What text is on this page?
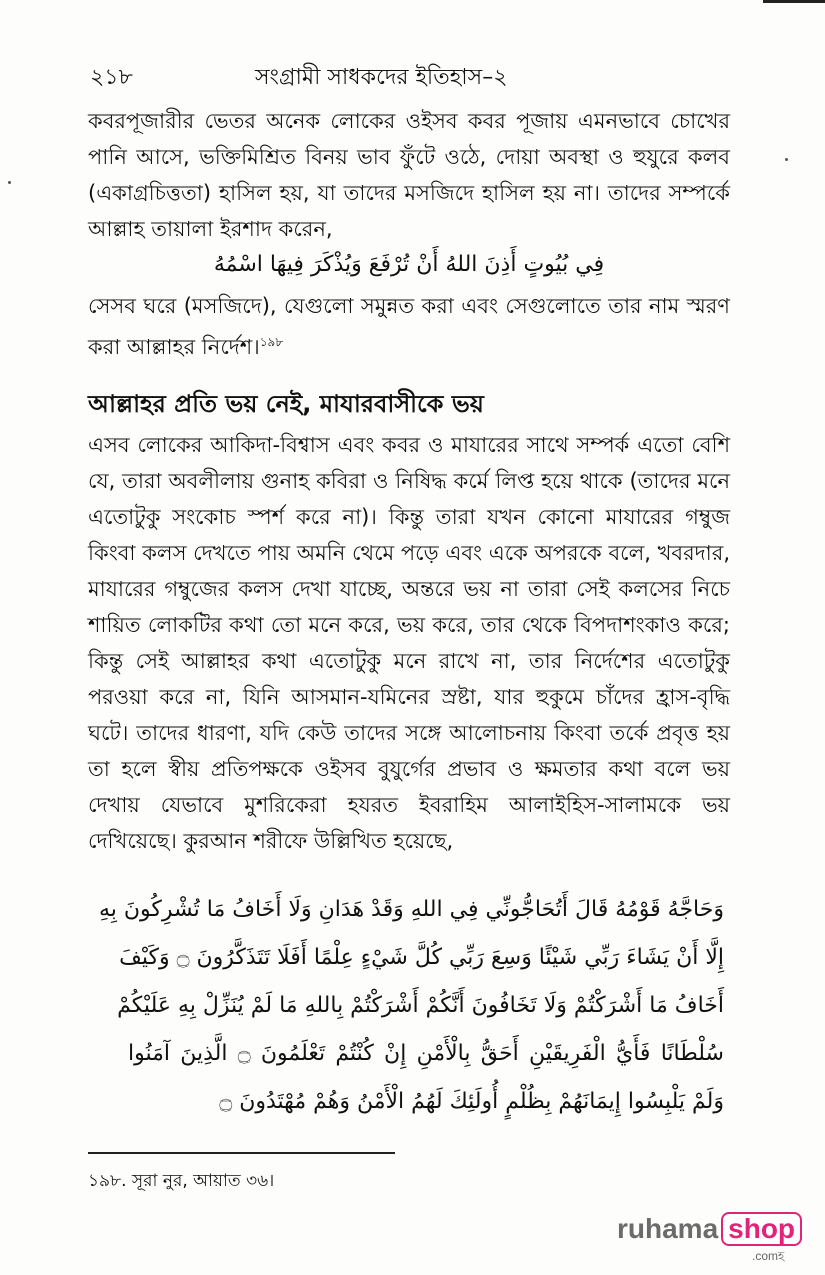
২১৮	সংগ্রামী সাধকদের ইতিহাস–২
কবরপূজারীর ভেতর অনেক লোকের ওইসব কবর পূজায় এমনভাবে চোখের পানি আসে, ভক্তিমিশ্রিত বিনয় ভাব ফুঁটে ওঠে, দোয়া অবস্থা ও হুযুরে কলব (একাগ্রচিত্ততা) হাসিল হয়, যা তাদের মসজিদে হাসিল হয় না। তাদের সম্পর্কে আল্লাহ তায়ালা ইরশাদ করেন,
فِي بُيُوتٍ أَذِنَ اللهُ أَنْ تُرْفَعَ وَيُذْكَرَ فِيهَا اسْمُهُ
সেসব ঘরে (মসজিদে), যেগুলো সমুন্নত করা এবং সেগুলোতে তার নাম স্মরণ করা আল্লাহর নির্দেশ।$^{১৯৮}$
আল্লাহর প্রতি ভয় নেই, মাযারবাসীকে ভয়
এসব লোকের আকিদা-বিশ্বাস এবং কবর ও মাযারের সাথে সম্পর্ক এতো বেশি যে, তারা অবলীলায় গুনাহ কবিরা ও নিষিদ্ধ কর্মে লিপ্ত হয়ে থাকে (তাদের মনে এতোটুকু সংকোচ স্পর্শ করে না)। কিন্তু তারা যখন কোনো মাযারের গম্বুজ কিংবা কলস দেখতে পায় অমনি থেমে পড়ে এবং একে অপরকে বলে, খবরদার, মাযারের গম্বুজের কলস দেখা যাচ্ছে, অন্তরে ভয় না তারা সেই কলসের নিচে শায়িত লোকটির কথা তো মনে করে, ভয় করে, তার থেকে বিপদাশংকাও করে; কিন্তু সেই আল্লাহর কথা এতোটুকু মনে রাখে না, তার নির্দেশের এতোটুকু পরওয়া করে না, যিনি আসমান-যমিনের স্রষ্টা, যার হুকুমে চাঁদের হ্রাস-বৃদ্ধি ঘটে। তাদের ধারণা, যদি কেউ তাদের সঙ্গে আলোচনায় কিংবা তর্কে প্রবৃত্ত হয় তা হলে স্বীয় প্রতিপক্ষকে ওইসব বুযুর্গের প্রভাব ও ক্ষমতার কথা বলে ভয় দেখায় যেভাবে মুশরিকেরা হযরত ইবরাহিম আলাইহিস-সালামকে ভয় দেখিয়েছে। কুরআন শরীফে উল্লিখিত হয়েছে,
وَحَاجَّهُ قَوْمُهُ قَالَ أَتُحَاجُّونِّي فِي اللهِ وَقَدْ هَدَانِ وَلَا أَخَافُ مَا تُشْرِكُونَ بِهِ
إِلَّا أَنْ يَشَاءَ رَبِّي شَيْئًا وَسِعَ رَبِّي كُلَّ شَيْءٍ عِلْمًا أَفَلَا تَتَذَكَّرُونَ ۝ وَكَيْفَ
أَخَافُ مَا أَشْرَكْتُمْ وَلَا تَخَافُونَ أَنَّكُمْ أَشْرَكْتُمْ بِاللهِ مَا لَمْ يُنَزِّلْ بِهِ عَلَيْكُمْ
سُلْطَانًا فَأَيُّ الْفَرِيقَيْنِ أَحَقُّ بِالْأَمْنِ إِنْ كُنْتُمْ تَعْلَمُونَ ۝ الَّذِينَ آمَنُوا
وَلَمْ يَلْبِسُوا إِيمَانَهُمْ بِظُلْمٍ أُولَئِكَ لَهُمُ الْأَمْنُ وَهُمْ مُهْتَدُونَ ۝
১৯৮. সূরা নুর, আয়াত ৩৬।
ruhama shop
.comহ
